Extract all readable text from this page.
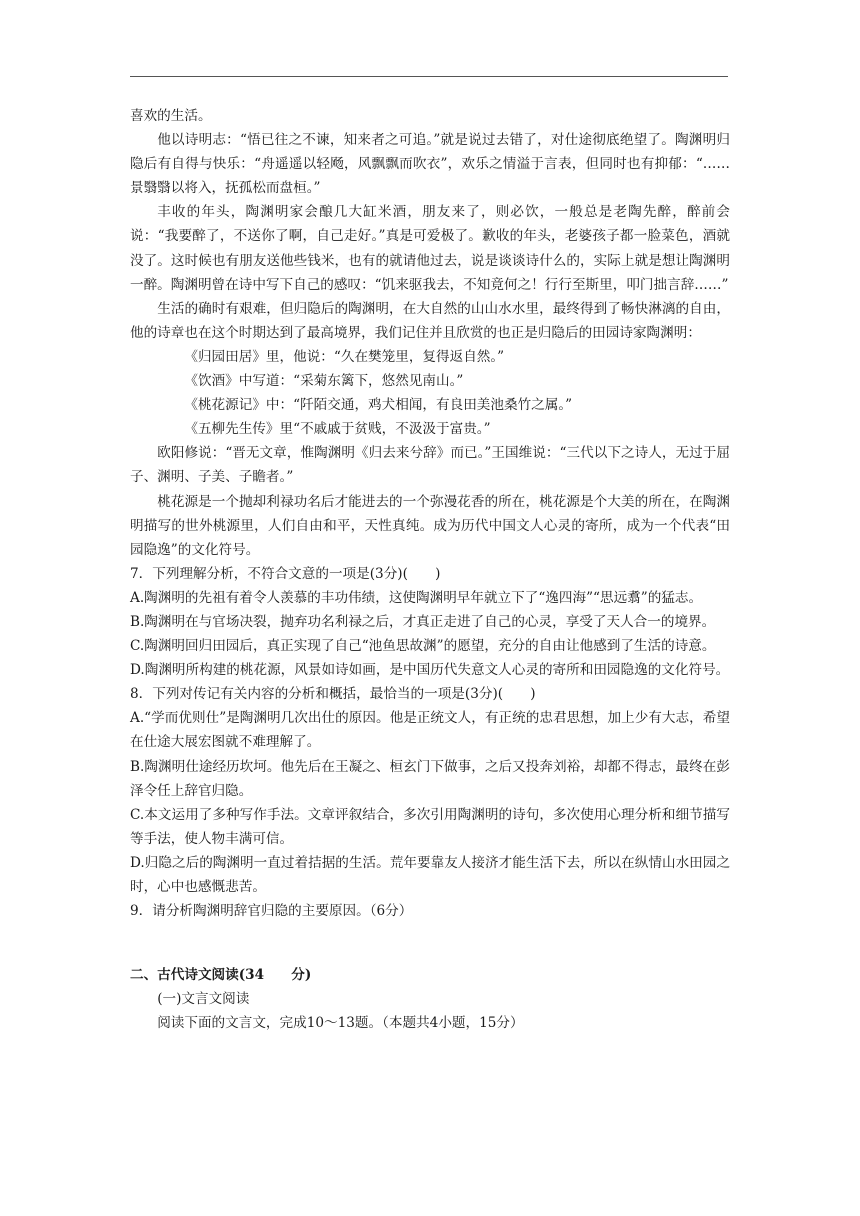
喜欢的生活。

他以诗明志：“悟已往之不谏，知来者之可追。”就是说过去错了，对仕途彻底绝望了。陶渊明归隐后有自得与快乐：“舟遥遥以轻飏，风飘飘而吹衣”，欢乐之情溢于言表，但同时也有抑郁：“……景翳翳以将入，抚孤松而盘桓。”

丰收的年头，陶渊明家会酿几大缸米酒，朋友来了，则必饮，一般总是老陶先醉，醉前会说：“我要醉了，不送你了啊，自己走好。”真是可爱极了。歉收的年头，老婆孩子都一脸菜色，酒就没了。这时候也有朋友送他些钱米，也有的就请他过去，说是谈谈诗什么的，实际上就是想让陶渊明一醉。陶渊明曾在诗中写下自己的感叹：“饥来驱我去，不知竟何之！行行至斯里，叩门拙言辞……”

生活的确时有艰难，但归隐后的陶渊明，在大自然的山山水水里，最终得到了畅快淋漓的自由，他的诗章也在这个时期达到了最高境界，我们记住并且欣赏的也正是归隐后的田园诗家陶渊明：

《归园田居》里，他说：“久在樊笼里，复得返自然。”

《饮酒》中写道：“采菊东篱下，悠然见南山。”

《桃花源记》中：“阡陌交通，鸡犬相闻，有良田美池桑竹之属。”

《五柳先生传》里“不戚戚于贫贱，不汲汲于富贵。”

欧阳修说：“晋无文章，惟陶渊明《归去来兮辞》而已。”王国维说：“三代以下之诗人，无过于屈子、渊明、子美、子瞻者。”

桃花源是一个抛却利禄功名后才能进去的一个弥漫花香的所在，桃花源是个大美的所在，在陶渊明描写的世外桃源里，人们自由和平，天性真纯。成为历代中国文人心灵的寄所，成为一个代表“田园隐逸”的文化符号。

7．下列理解分析，不符合文意的一项是(3分)(　　)

A.陶渊明的先祖有着令人羡慕的丰功伟绩，这使陶渊明早年就立下了“逸四海”“思远翥”的猛志。

B.陶渊明在与官场决裂，抛弃功名利禄之后，才真正走进了自己的心灵，享受了天人合一的境界。

C.陶渊明回归田园后，真正实现了自己“池鱼思故渊”的愿望，充分的自由让他感到了生活的诗意。

D.陶渊明所构建的桃花源，风景如诗如画，是中国历代失意文人心灵的寄所和田园隐逸的文化符号。

8．下列对传记有关内容的分析和概括，最恰当的一项是(3分)(　　)

A.“学而优则仕”是陶渊明几次出仕的原因。他是正统文人，有正统的忠君思想，加上少有大志，希望在仕途大展宏图就不难理解了。

B.陶渊明仕途经历坎坷。他先后在王凝之、桓玄门下做事，之后又投奔刘裕，却都不得志，最终在彭泽令任上辞官归隐。

C.本文运用了多种写作手法。文章评叙结合，多次引用陶渊明的诗句，多次使用心理分析和细节描写等手法，使人物丰满可信。

D.归隐之后的陶渊明一直过着拮据的生活。荒年要靠友人接济才能生活下去，所以在纵情山水田园之时，心中也感慨悲苦。

9．请分析陶渊明辞官归隐的主要原因。（6分）

二、古代诗文阅读(34　　分)

(一)文言文阅读

阅读下面的文言文，完成10～13题。（本题共4小题，15分）
